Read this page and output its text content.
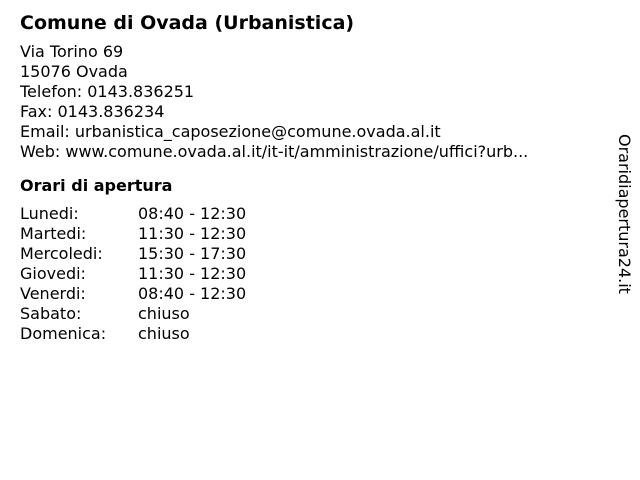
Comune di Ovada (Urbanistica)
Via Torino 69
15076 Ovada
Telefon: 0143.836251
Fax: 0143.836234
Email: urbanistica_caposezione@comune.ovada.al.it
Web: www.comune.ovada.al.it/it-it/amministrazione/uffici?urb...
Orari di apertura
Lunedi:	08:40 - 12:30
Martedi:	11:30 - 12:30
Mercoledi:	15:30 - 17:30
Giovedi:	11:30 - 12:30
Venerdi:	08:40 - 12:30
Sabato:	chiuso
Domenica:	chiuso
Oraridiapertura24.it
